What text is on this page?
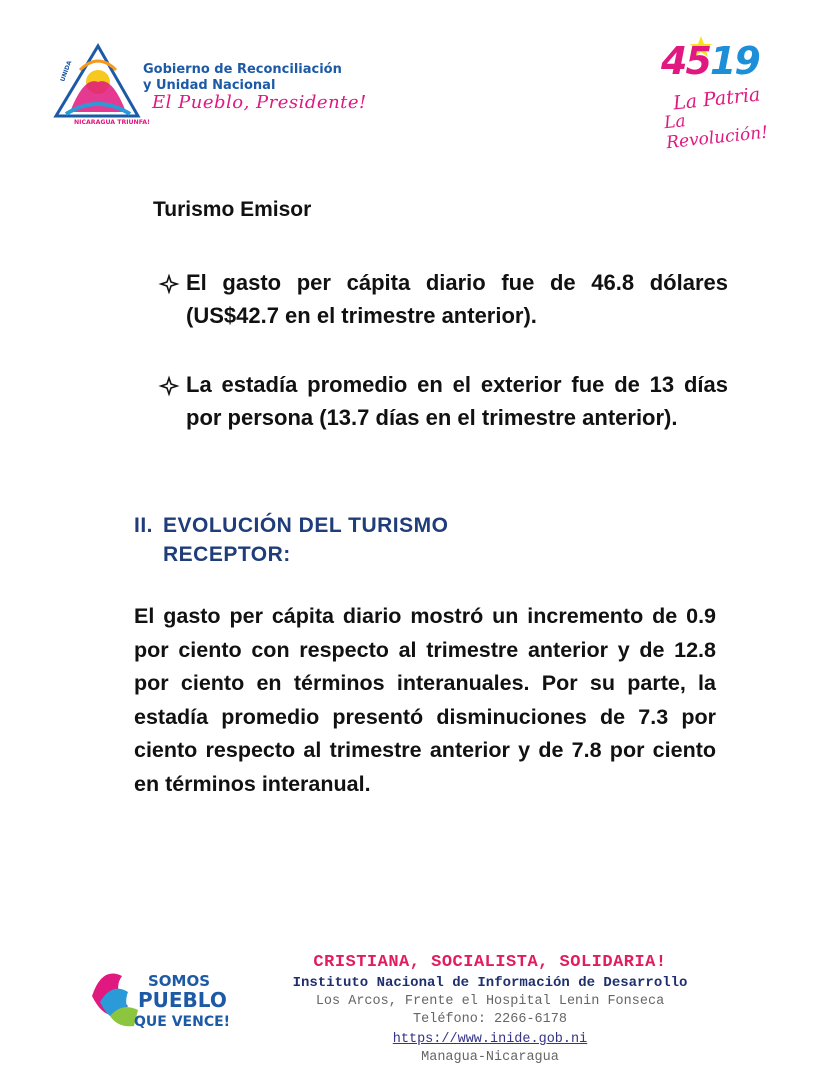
NICARAGUA TRIUNFA!
UNIDA	Gobierno de Reconciliación
y Unidad Nacional
El Pueblo, Presidente!
4519
La Patria
La Revolución!
Turismo Emisor
El gasto per cápita diario fue de 46.8 dólares (US$42.7 en el trimestre anterior).
La estadía promedio en el exterior fue de 13 días por persona (13.7 días en el trimestre anterior).
II. EVOLUCIÓN DEL TURISMO RECEPTOR:
El gasto per cápita diario mostró un incremento de 0.9 por ciento con respecto al trimestre anterior y de 12.8 por ciento en términos interanuales. Por su parte, la estadía promedio presentó disminuciones de 7.3 por ciento respecto al trimestre anterior y de 7.8 por ciento en términos interanual.
SOMOS
PUEBLO
QUE VENCE!
CRISTIANA, SOCIALISTA, SOLIDARIA!
Instituto Nacional de Información de Desarrollo
Los Arcos, Frente el Hospital Lenin Fonseca
Teléfono: 2266-6178
https://www.inide.gob.ni
Managua-Nicaragua
